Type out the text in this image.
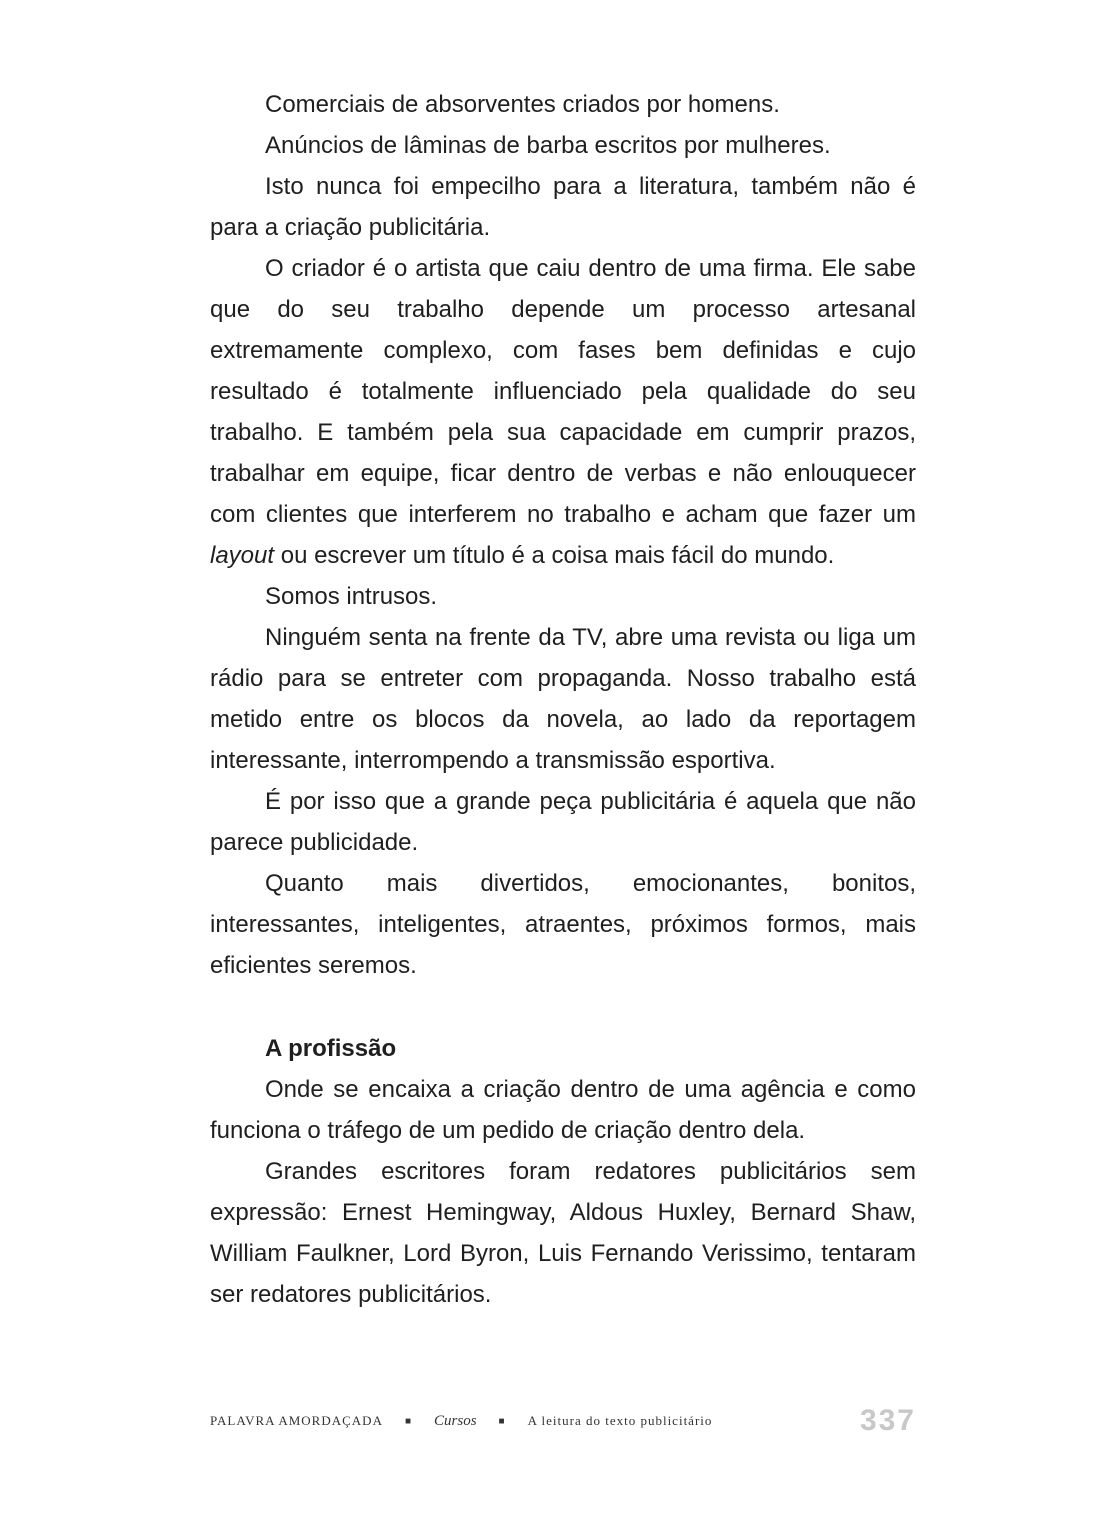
Comerciais de absorventes criados por homens.

Anúncios de lâminas de barba escritos por mulheres.

Isto nunca foi empecilho para a literatura, também não é para a criação publicitária.

O criador é o artista que caiu dentro de uma firma. Ele sabe que do seu trabalho depende um processo artesanal extremamente complexo, com fases bem definidas e cujo resultado é totalmente influenciado pela qualidade do seu trabalho. E também pela sua capacidade em cumprir prazos, trabalhar em equipe, ficar dentro de verbas e não enlouquecer com clientes que interferem no trabalho e acham que fazer um layout ou escrever um título é a coisa mais fácil do mundo.

Somos intrusos.

Ninguém senta na frente da TV, abre uma revista ou liga um rádio para se entreter com propaganda. Nosso trabalho está metido entre os blocos da novela, ao lado da reportagem interessante, interrompendo a transmissão esportiva.

É por isso que a grande peça publicitária é aquela que não parece publicidade.

Quanto mais divertidos, emocionantes, bonitos, interessantes, inteligentes, atraentes, próximos formos, mais eficientes seremos.

A profissão

Onde se encaixa a criação dentro de uma agência e como funciona o tráfego de um pedido de criação dentro dela.

Grandes escritores foram redatores publicitários sem expressão: Ernest Hemingway, Aldous Huxley, Bernard Shaw, William Faulkner, Lord Byron, Luis Fernando Verissimo, tentaram ser redatores publicitários.

PALAVRA AMORDAÇADA ■ Cursos ■ A leitura do texto publicitário	337
